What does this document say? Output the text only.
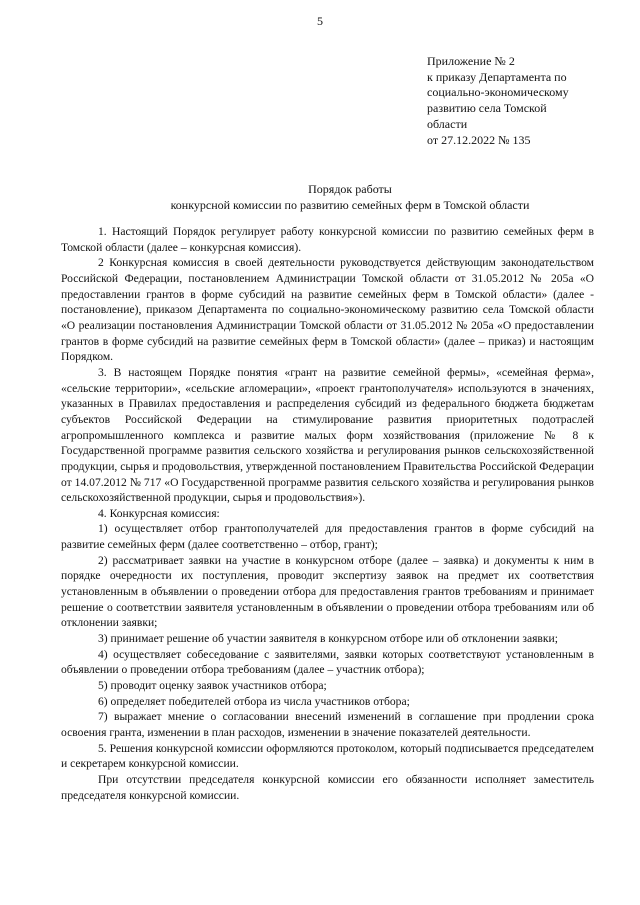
5
Приложение № 2
к приказу Департамента по
социально-экономическому
развитию села Томской
области
от 27.12.2022 № 135
Порядок работы
конкурсной комиссии по развитию семейных ферм в Томской области

1. Настоящий Порядок регулирует работу конкурсной комиссии по развитию семейных ферм в Томской области (далее – конкурсная комиссия).

2 Конкурсная комиссия в своей деятельности руководствуется действующим законодательством Российской Федерации, постановлением Администрации Томской области от 31.05.2012 № 205а «О предоставлении грантов в форме субсидий на развитие семейных ферм в Томской области» (далее - постановление), приказом Департамента по социально-экономическому развитию села Томской области «О реализации постановления Администрации Томской области от 31.05.2012 № 205а «О предоставлении грантов в форме субсидий на развитие семейных ферм в Томской области» (далее – приказ) и настоящим Порядком.

3. В настоящем Порядке понятия «грант на развитие семейной фермы», «семейная ферма», «сельские территории», «сельские агломерации», «проект грантополучателя» используются в значениях, указанных в Правилах предоставления и распределения субсидий из федерального бюджета бюджетам субъектов Российской Федерации на стимулирование развития приоритетных подотраслей агропромышленного комплекса и развитие малых форм хозяйствования (приложение № 8 к Государственной программе развития сельского хозяйства и регулирования рынков сельскохозяйственной продукции, сырья и продовольствия, утвержденной постановлением Правительства Российской Федерации от 14.07.2012 № 717 «О Государственной программе развития сельского хозяйства и регулирования рынков сельскохозяйственной продукции, сырья и продовольствия»).

4. Конкурсная комиссия:

1) осуществляет отбор грантополучателей для предоставления грантов в форме субсидий на развитие семейных ферм (далее соответственно – отбор, грант);

2) рассматривает заявки на участие в конкурсном отборе (далее – заявка) и документы к ним в порядке очередности их поступления, проводит экспертизу заявок на предмет их соответствия установленным в объявлении о проведении отбора для предоставления грантов требованиям и принимает решение о соответствии заявителя установленным в объявлении о проведении отбора требованиям или об отклонении заявки;

3) принимает решение об участии заявителя в конкурсном отборе или об отклонении заявки;

4) осуществляет собеседование с заявителями, заявки которых соответствуют установленным в объявлении о проведении отбора требованиям (далее – участник отбора);

5) проводит оценку заявок участников отбора;

6) определяет победителей отбора из числа участников отбора;

7) выражает мнение о согласовании внесений изменений в соглашение при продлении срока освоения гранта, изменении в план расходов, изменении в значение показателей деятельности.

5. Решения конкурсной комиссии оформляются протоколом, который подписывается председателем и секретарем конкурсной комиссии.

При отсутствии председателя конкурсной комиссии его обязанности исполняет заместитель председателя конкурсной комиссии.
